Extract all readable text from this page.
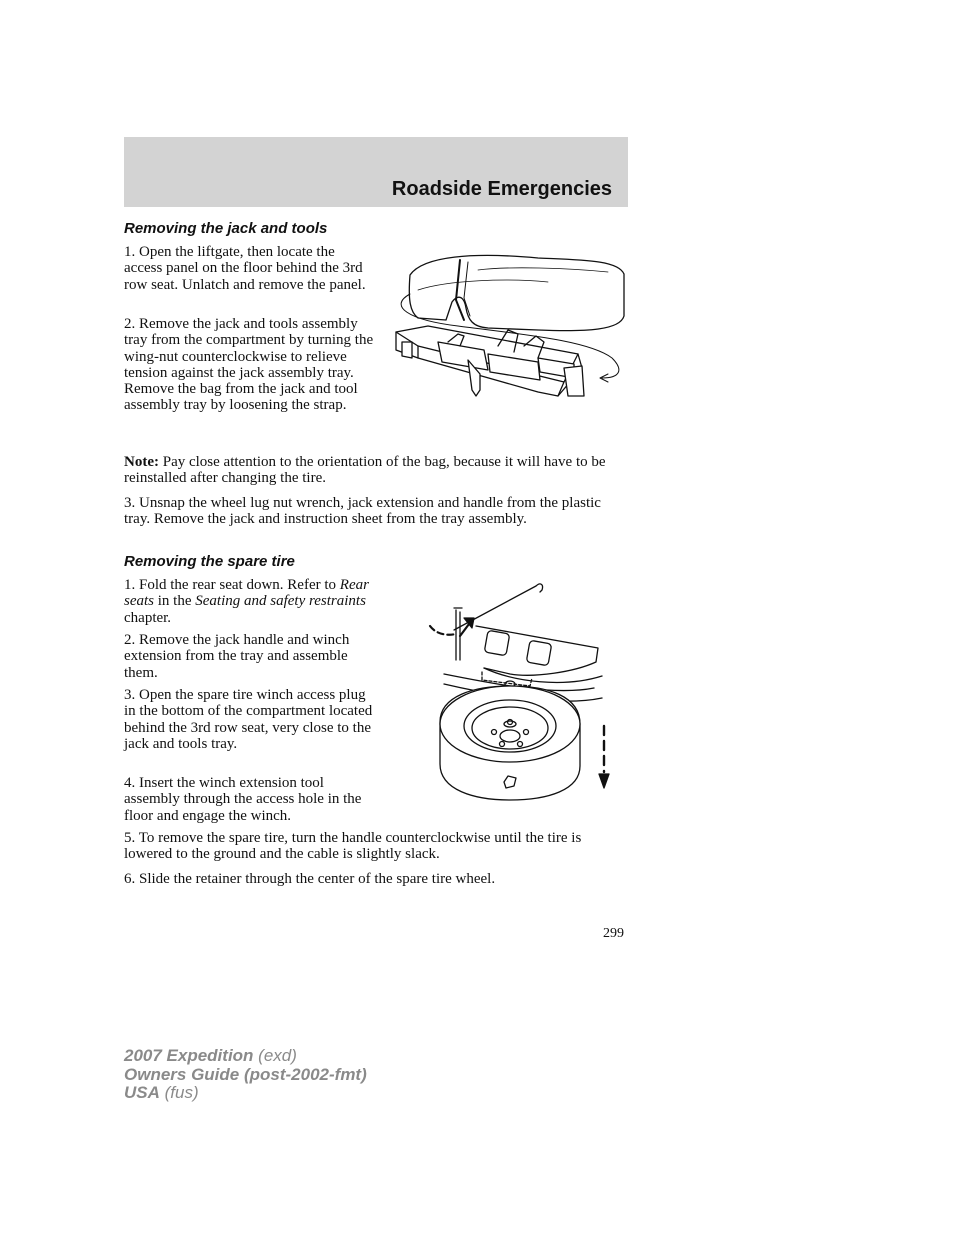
Roadside Emergencies
Removing the jack and tools

1. Open the liftgate, then locate the access panel on the floor behind the 3rd row seat. Unlatch and remove the panel.

2. Remove the jack and tools assembly tray from the compartment by turning the wing-nut counterclockwise to relieve tension against the jack assembly tray. Remove the bag from the jack and tool assembly tray by loosening the strap.

Note: Pay close attention to the orientation of the bag, because it will have to be reinstalled after changing the tire.

3. Unsnap the wheel lug nut wrench, jack extension and handle from the plastic tray. Remove the jack and instruction sheet from the tray assembly.

Removing the spare tire

1. Fold the rear seat down. Refer to Rear seats in the Seating and safety restraints chapter.

2. Remove the jack handle and winch extension from the tray and assemble them.

3. Open the spare tire winch access plug in the bottom of the compartment located behind the 3rd row seat, very close to the jack and tools tray.

4. Insert the winch extension tool assembly through the access hole in the floor and engage the winch.

5. To remove the spare tire, turn the handle counterclockwise until the tire is lowered to the ground and the cable is slightly slack.

6. Slide the retainer through the center of the spare tire wheel.

299
2007 Expedition (exd)
Owners Guide (post-2002-fmt)
USA (fus)
